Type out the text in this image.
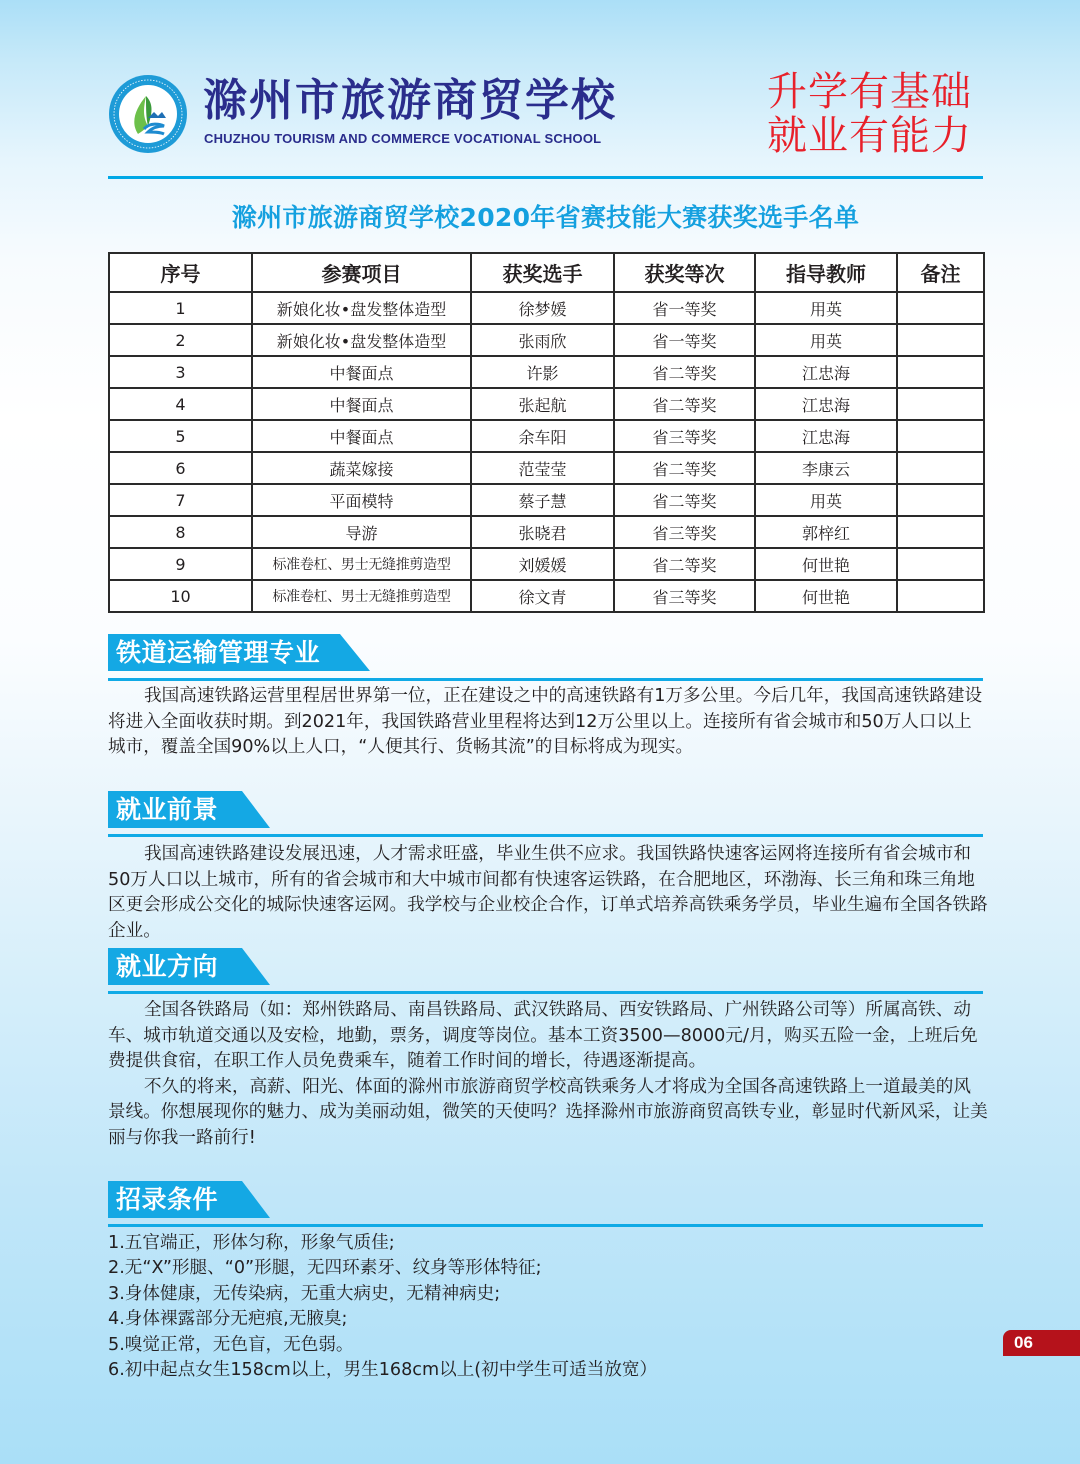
滁州市旅游商贸学校
CHUZHOU TOURISM AND COMMERCE VOCATIONAL SCHOOL
升学有基础
就业有能力
滁州市旅游商贸学校2020年省赛技能大赛获奖选手名单
序号	参赛项目	获奖选手	获奖等次	指导教师	备注
1	新娘化妆•盘发整体造型	徐梦媛	省一等奖	用英	
2	新娘化妆•盘发整体造型	张雨欣	省一等奖	用英	
3	中餐面点	许影	省二等奖	江忠海	
4	中餐面点	张起航	省二等奖	江忠海	
5	中餐面点	余车阳	省三等奖	江忠海	
6	蔬菜嫁接	范莹莹	省二等奖	李康云	
7	平面模特	蔡子慧	省二等奖	用英	
8	导游	张晓君	省三等奖	郭梓红	
9	标准卷杠、男士无缝推剪造型	刘媛媛	省二等奖	何世艳	
10	标准卷杠、男士无缝推剪造型	徐文青	省三等奖	何世艳	
铁道运输管理专业

我国高速铁路运营里程居世界第一位，正在建设之中的高速铁路有1万多公里。今后几年，我国高速铁路建设将进入全面收获时期。到2021年，我国铁路营业里程将达到12万公里以上。连接所有省会城市和50万人口以上城市，覆盖全国90%以上人口，“人便其行、货畅其流”的目标将成为现实。

就业前景

我国高速铁路建设发展迅速，人才需求旺盛，毕业生供不应求。我国铁路快速客运网将连接所有省会城市和50万人口以上城市，所有的省会城市和大中城市间都有快速客运铁路，在合肥地区，环渤海、长三角和珠三角地区更会形成公交化的城际快速客运网。我学校与企业校企合作，订单式培养高铁乘务学员，毕业生遍布全国各铁路企业。

就业方向

全国各铁路局（如：郑州铁路局、南昌铁路局、武汉铁路局、西安铁路局、广州铁路公司等）所属高铁、动车、城市轨道交通以及安检，地勤，票务，调度等岗位。基本工资3500—8000元/月，购买五险一金，上班后免费提供食宿，在职工作人员免费乘车，随着工作时间的增长，待遇逐渐提高。

不久的将来，高薪、阳光、体面的滁州市旅游商贸学校高铁乘务人才将成为全国各高速铁路上一道最美的风景线。你想展现你的魅力、成为美丽动姐，微笑的天使吗？选择滁州市旅游商贸高铁专业，彰显时代新风采，让美丽与你我一路前行!

招录条件
1.五官端正，形体匀称，形象气质佳;
2.无“X”形腿、“0”形腿，无四环素牙、纹身等形体特征;
3.身体健康，无传染病，无重大病史，无精神病史;
4.身体裸露部分无疤痕,无腋臭;
5.嗅觉正常，无色盲，无色弱。
6.初中起点女生158cm以上，男生168cm以上(初中学生可适当放宽）
06
